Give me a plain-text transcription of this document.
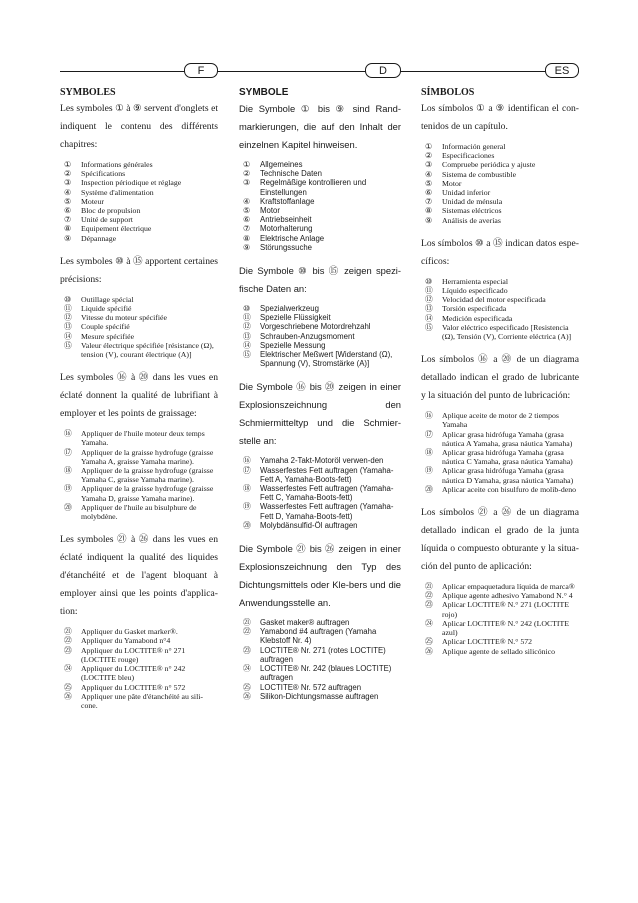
F	D	ES

SYMBOLES

Les symboles ① à ⑨ servent d'onglets et indiquent le contenu des différents chapitres:

①	Informations générales
②	Spécifications
③	Inspection périodique et réglage
④	Système d'alimentation
⑤	Moteur
⑥	Bloc de propulsion
⑦	Unité de support
⑧	Equipement électrique
⑨	Dépannage

Les symboles ⑩ à ⑮ apportent certaines précisions:

⑩	Outillage spécial
⑪	Liquide spécifié
⑫	Vitesse du moteur spécifiée
⑬	Couple spécifié
⑭	Mesure spécifiée
⑮	Valeur électrique spécifiée [résistance (Ω), tension (V), courant électrique (A)]

Les symboles ⑯ à ⑳ dans les vues en éclaté donnent la qualité de lubrifiant à employer et les points de graissage:

⑯	Appliquer de l'huile moteur deux temps Yamaha.
⑰	Appliquer de la graisse hydrofuge (graisse Yamaha A, graisse Yamaha marine).
⑱	Appliquer de la graisse hydrofuge (graisse Yamaha C, graisse Yamaha marine).
⑲	Appliquer de la graisse hydrofuge (graisse Yamaha D, graisse Yamaha marine).
⑳	Appliquer de l'huile au bisulphure de molybdène.

Les symboles ㉑ à ㉖ dans les vues en éclaté indiquent la qualité des liquides d'étanchéité et de l'agent bloquant à employer ainsi que les points d'applica-tion:

㉑	Appliquer du Gasket marker®.
㉒	Appliquer du Yamabond n°4
㉓	Appliquer du LOCTITE® n° 271 (LOCTITE rouge)
㉔	Appliquer du LOCTITE® n° 242 (LOCTITE bleu)
㉕	Appliquer du LOCTITE® n° 572
㉖	Appliquer une pâte d'étanchéité au sili-cone.

SYMBOLE

Die Symbole ① bis ⑨ sind Rand-markierungen, die auf den Inhalt der einzelnen Kapitel hinweisen.

①	Allgemeines
②	Technische Daten
③	Regelmäßige kontrollieren und Einstellungen
④	Kraftstoffanlage
⑤	Motor
⑥	Antriebseinheit
⑦	Motorhalterung
⑧	Elektrische Anlage
⑨	Störungssuche

Die Symbole ⑩ bis ⑮ zeigen spezi-fische Daten an:

⑩	Spezialwerkzeug
⑪	Spezielle Flüssigkeit
⑫	Vorgeschriebene Motordrehzahl
⑬	Schrauben-Anzugsmoment
⑭	Spezielle Messung
⑮	Elektrischer Meßwert [Widerstand (Ω), Spannung (V), Stromstärke (A)]

Die Symbole ⑯ bis ⑳ zeigen in einer Explosionszeichnung den Schmiermitteltyp und die Schmier-stelle an:

⑯	Yamaha 2-Takt-Motoröl verwen-den
⑰	Wasserfestes Fett auftragen (Yamaha-Fett A, Yamaha-Boots-fett)
⑱	Wasserfestes Fett auftragen (Yamaha-Fett C, Yamaha-Boots-fett)
⑲	Wasserfestes Fett auftragen (Yamaha-Fett D, Yamaha-Boots-fett)
⑳	Molybdänsulfid-Öl auftragen

Die Symbole ㉑ bis ㉖ zeigen in einer Explosionszeichnung den Typ des Dichtungsmittels oder Kle-bers und die Anwendungsstelle an.

㉑	Gasket maker® auftragen
㉒	Yamabond #4 auftragen (Yamaha Klebstoff Nr. 4)
㉓	LOCTITE® Nr. 271 (rotes LOCTITE) auftragen
㉔	LOCTITE® Nr. 242 (blaues LOCTITE) auftragen
㉕	LOCTITE® Nr. 572 auftragen
㉖	Silikon-Dichtungsmasse auftragen

SÍMBOLOS

Los símbolos ① a ⑨ identifican el con-tenidos de un capítulo.

①	Información general
②	Especificaciones
③	Compruebe periódica y ajuste
④	Sistema de combustible
⑤	Motor
⑥	Unidad inferior
⑦	Unidad de ménsula
⑧	Sistemas eléctricos
⑨	Análisis de averías

Los símbolos ⑩ a ⑮ indican datos espe-cíficos:

⑩	Herramienta especial
⑪	Líquido especificado
⑫	Velocidad del motor especificada
⑬	Torsión especificada
⑭	Medición especificada
⑮	Valor eléctrico especificado [Resistencia (Ω), Tensión (V), Corriente eléctrica (A)]

Los símbolos ⑯ a ⑳ de un diagrama detallado indican el grado de lubricante y la situación del punto de lubricación:

⑯	Aplique aceite de motor de 2 tiempos Yamaha
⑰	Aplicar grasa hidrófuga Yamaha (grasa náutica A Yamaha, grasa náutica Yamaha)
⑱	Aplicar grasa hidrófuga Yamaha (grasa náutica C Yamaha, grasa náutica Yamaha)
⑲	Aplicar grasa hidrófuga Yamaha (grasa náutica D Yamaha, grasa náutica Yamaha)
⑳	Aplicar aceite con bisulfuro de molib-deno

Los símbolos ㉑ a ㉖ de un diagrama detallado indican el grado de la junta líquida o compuesto obturante y la situa-ción del punto de aplicación:

㉑	Aplicar empaquetadura líquida de marca®
㉒	Aplique agente adhesivo Yamabond N.° 4
㉓	Aplicar LOCTITE® N.° 271 (LOCTITE rojo)
㉔	Aplicar LOCTITE® N.° 242 (LOCTITE azul)
㉕	Aplicar LOCTITE® N.° 572
㉖	Aplique agente de sellado silicónico
